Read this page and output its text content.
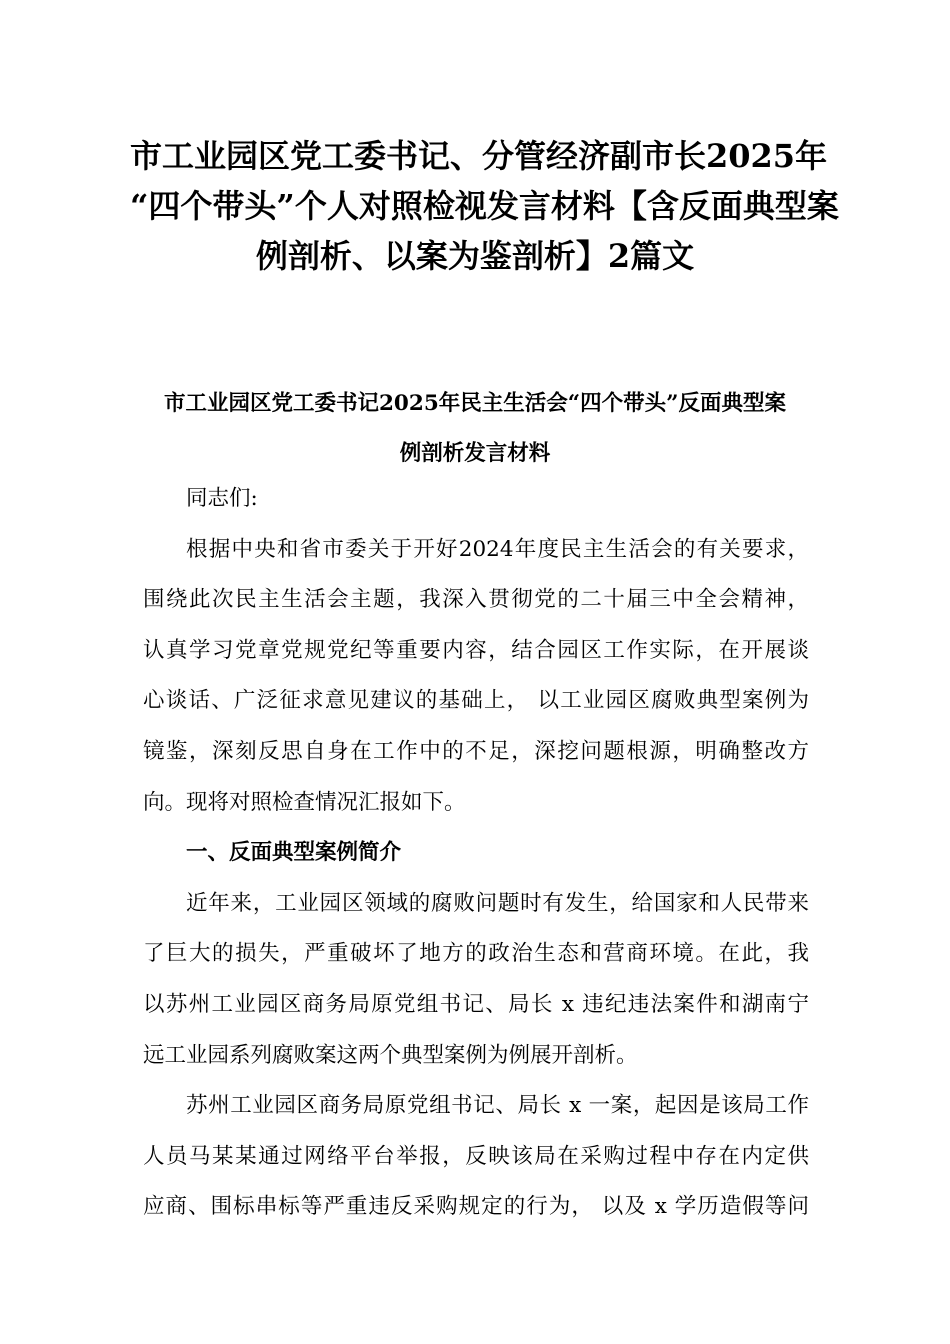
市工业园区党工委书记、分管经济副市长2025年
“四个带头”个人对照检视发言材料【含反面典型案
例剖析、以案为鉴剖析】2篇文
市工业园区党工委书记2025年民主生活会“四个带头”反面典型案
例剖析发言材料
同志们:
根据中央和省市委关于开好2024年度民主生活会的有关要求，
围绕此次民主生活会主题，我深入贯彻党的二十届三中全会精神，
认真学习党章党规党纪等重要内容，结合园区工作实际，在开展谈
心谈话、广泛征求意见建议的基础上， 以工业园区腐败典型案例为
镜鉴，深刻反思自身在工作中的不足，深挖问题根源，明确整改方
向。现将对照检查情况汇报如下。
一、反面典型案例简介
近年来，工业园区领域的腐败问题时有发生，给国家和人民带来
了巨大的损失，严重破坏了地方的政治生态和营商环境。在此，我
以苏州工业园区商务局原党组书记、局长 x 违纪违法案件和湖南宁
远工业园系列腐败案这两个典型案例为例展开剖析。
苏州工业园区商务局原党组书记、局长 x 一案，起因是该局工作
人员马某某通过网络平台举报，反映该局在采购过程中存在内定供
应商、围标串标等严重违反采购规定的行为， 以及 x 学历造假等问
